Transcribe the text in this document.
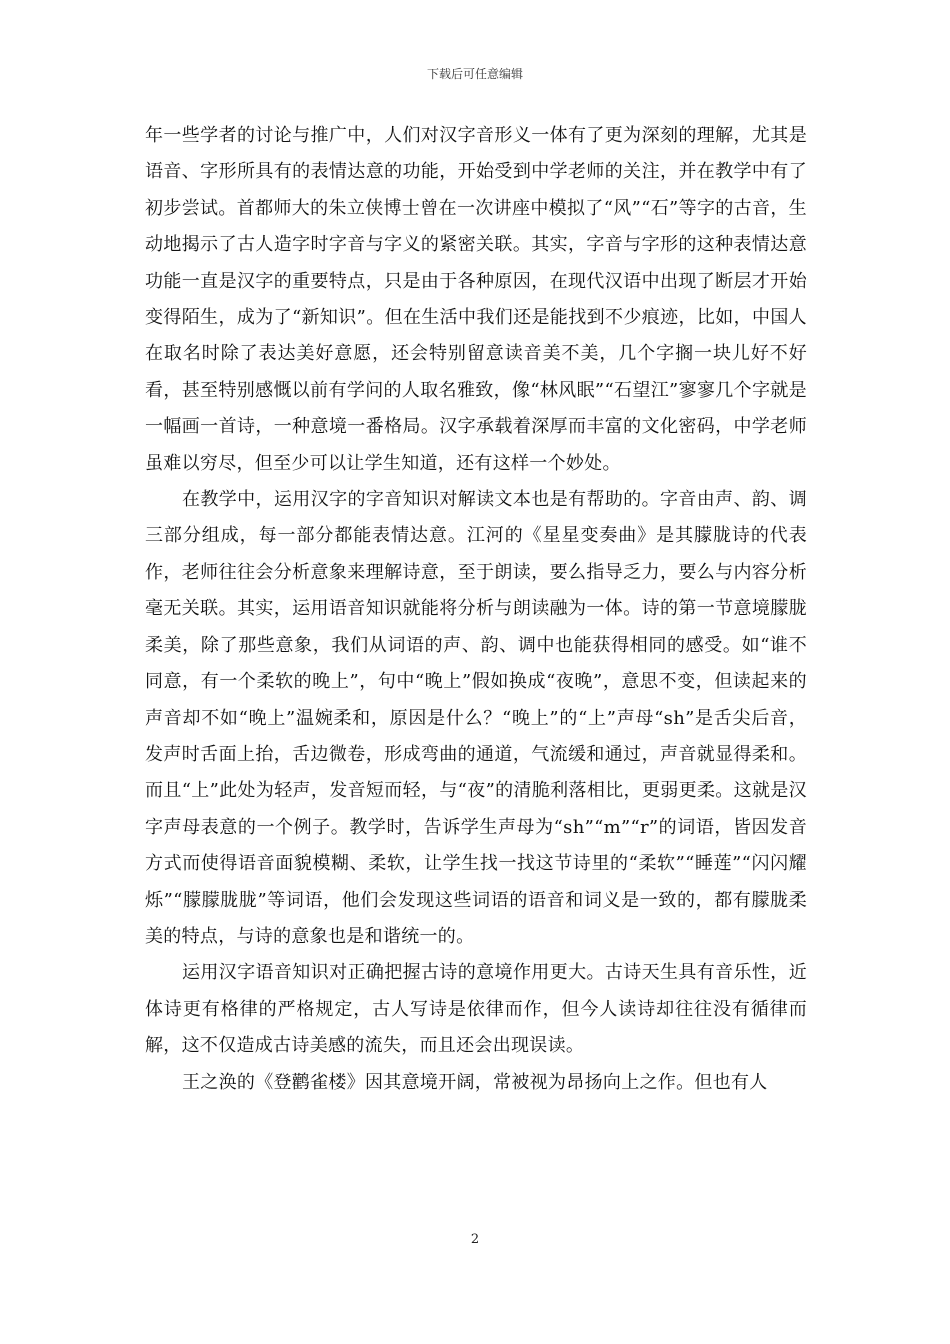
下载后可任意编辑

年一些学者的讨论与推广中，人们对汉字音形义一体有了更为深刻的理解，尤其是语音、字形所具有的表情达意的功能，开始受到中学老师的关注，并在教学中有了初步尝试。首都师大的朱立侠博士曾在一次讲座中模拟了“风”“石”等字的古音，生动地揭示了古人造字时字音与字义的紧密关联。其实，字音与字形的这种表情达意功能一直是汉字的重要特点，只是由于各种原因，在现代汉语中出现了断层才开始变得陌生，成为了“新知识”。但在生活中我们还是能找到不少痕迹，比如，中国人在取名时除了表达美好意愿，还会特别留意读音美不美，几个字搁一块儿好不好看，甚至特别感慨以前有学问的人取名雅致，像“林风眠”“石望江”寥寥几个字就是一幅画一首诗，一种意境一番格局。汉字承载着深厚而丰富的文化密码，中学老师虽难以穷尽，但至少可以让学生知道，还有这样一个妙处。

在教学中，运用汉字的字音知识对解读文本也是有帮助的。字音由声、韵、调三部分组成，每一部分都能表情达意。江河的《星星变奏曲》是其朦胧诗的代表作，老师往往会分析意象来理解诗意，至于朗读，要么指导乏力，要么与内容分析毫无关联。其实，运用语音知识就能将分析与朗读融为一体。诗的第一节意境朦胧柔美，除了那些意象，我们从词语的声、韵、调中也能获得相同的感受。如“谁不同意，有一个柔软的晚上”，句中“晚上”假如换成“夜晚”，意思不变，但读起来的声音却不如“晚上”温婉柔和，原因是什么？“晚上”的“上”声母“sh”是舌尖后音，发声时舌面上抬，舌边微卷，形成弯曲的通道，气流缓和通过，声音就显得柔和。而且“上”此处为轻声，发音短而轻，与“夜”的清脆利落相比，更弱更柔。这就是汉字声母表意的一个例子。教学时，告诉学生声母为“sh”“m”“r”的词语，皆因发音方式而使得语音面貌模糊、柔软，让学生找一找这节诗里的“柔软”“睡莲”“闪闪耀烁”“朦朦胧胧”等词语，他们会发现这些词语的语音和词义是一致的，都有朦胧柔美的特点，与诗的意象也是和谐统一的。

运用汉字语音知识对正确把握古诗的意境作用更大。古诗天生具有音乐性，近体诗更有格律的严格规定，古人写诗是依律而作，但今人读诗却往往没有循律而解，这不仅造成古诗美感的流失，而且还会出现误读。

王之涣的《登鹳雀楼》因其意境开阔，常被视为昂扬向上之作。但也有人

2
